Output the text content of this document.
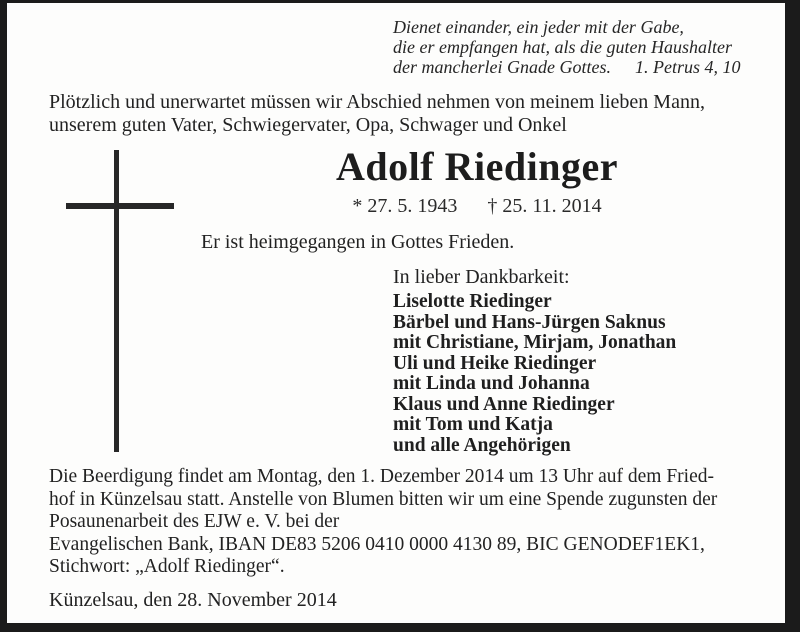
Dienet einander, ein jeder mit der Gabe,
die er empfangen hat, als die guten Haushalter
der mancherlei Gnade Gottes. 1. Petrus 4, 10
Plötzlich und unerwartet müssen wir Abschied nehmen von meinem lieben Mann,
unserem guten Vater, Schwiegervater, Opa, Schwager und Onkel
Adolf Riedinger
* 27. 5. 1943 † 25. 11. 2014
Er ist heimgegangen in Gottes Frieden.
In lieber Dankbarkeit:
Liselotte Riedinger
Bärbel und Hans-Jürgen Saknus
mit Christiane, Mirjam, Jonathan
Uli und Heike Riedinger
mit Linda und Johanna
Klaus und Anne Riedinger
mit Tom und Katja
und alle Angehörigen
Die Beerdigung findet am Montag, den 1. Dezember 2014 um 13 Uhr auf dem Fried-
hof in Künzelsau statt. Anstelle von Blumen bitten wir um eine Spende zugunsten der
Posaunenarbeit des EJW e. V. bei der
Evangelischen Bank, IBAN DE83 5206 0410 0000 4130 89, BIC GENODEF1EK1,
Stichwort: „Adolf Riedinger“.
Künzelsau, den 28. November 2014
